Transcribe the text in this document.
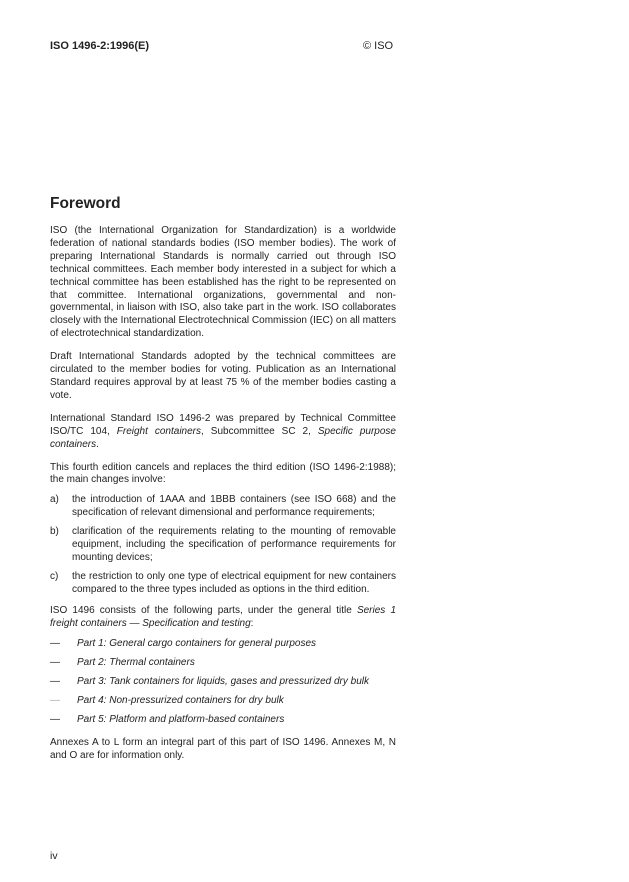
ISO 1496-2:1996(E)	© ISO
Foreword

ISO (the International Organization for Standardization) is a worldwide federation of national standards bodies (ISO member bodies). The work of preparing International Standards is normally carried out through ISO technical committees. Each member body interested in a subject for which a technical committee has been established has the right to be represented on that committee. International organizations, governmental and non-governmental, in liaison with ISO, also take part in the work. ISO collaborates closely with the International Electrotechnical Commission (IEC) on all matters of electrotechnical standardization.

Draft International Standards adopted by the technical committees are circulated to the member bodies for voting. Publication as an International Standard requires approval by at least 75 % of the member bodies casting a vote.

International Standard ISO 1496-2 was prepared by Technical Committee ISO/TC 104, Freight containers, Subcommittee SC 2, Specific purpose containers.

This fourth edition cancels and replaces the third edition (ISO 1496-2:1988); the main changes involve:

a)	the introduction of 1AAA and 1BBB containers (see ISO 668) and the specification of relevant dimensional and performance requirements;
b)	clarification of the requirements relating to the mounting of removable equipment, including the specification of performance requirements for mounting devices;
c)	the restriction to only one type of electrical equipment for new containers compared to the three types included as options in the third edition.

ISO 1496 consists of the following parts, under the general title Series 1 freight containers — Specification and testing:

—	Part 1: General cargo containers for general purposes
—	Part 2: Thermal containers
—	Part 3: Tank containers for liquids, gases and pressurized dry bulk
—	Part 4: Non-pressurized containers for dry bulk
—	Part 5: Platform and platform-based containers

Annexes A to L form an integral part of this part of ISO 1496. Annexes M, N and O are for information only.

iv
